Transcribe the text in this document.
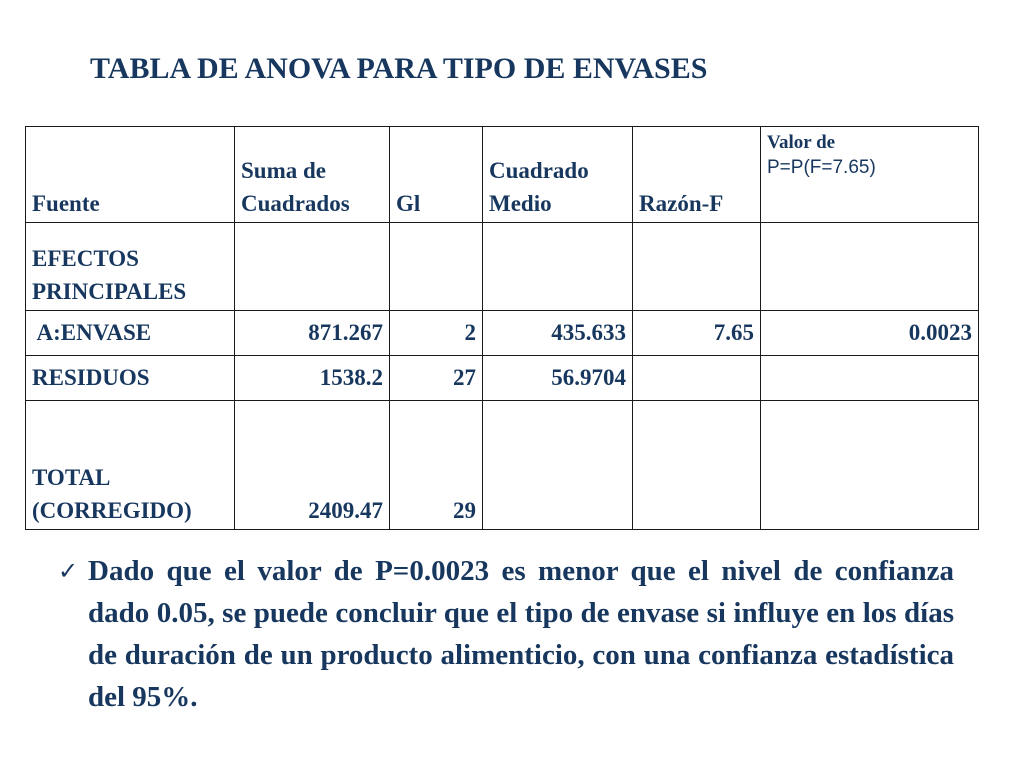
TABLA DE ANOVA PARA TIPO DE ENVASES
Fuente	Suma de Cuadrados	Gl	Cuadrado Medio	Razón-F	Valor de
P=P(F=7.65)

EFECTOS PRINCIPALES					
A:ENVASE	871.267	2	435.633	7.65	0.0023
RESIDUOS	1538.2	27	56.9704		
TOTAL (CORREGIDO)	2409.47	29			
✓ Dado que el valor de P=0.0023 es menor que el nivel de confianza dado 0.05, se puede concluir que el tipo de envase si influye en los días de duración de un producto alimenticio, con una confianza estadística del 95%.
